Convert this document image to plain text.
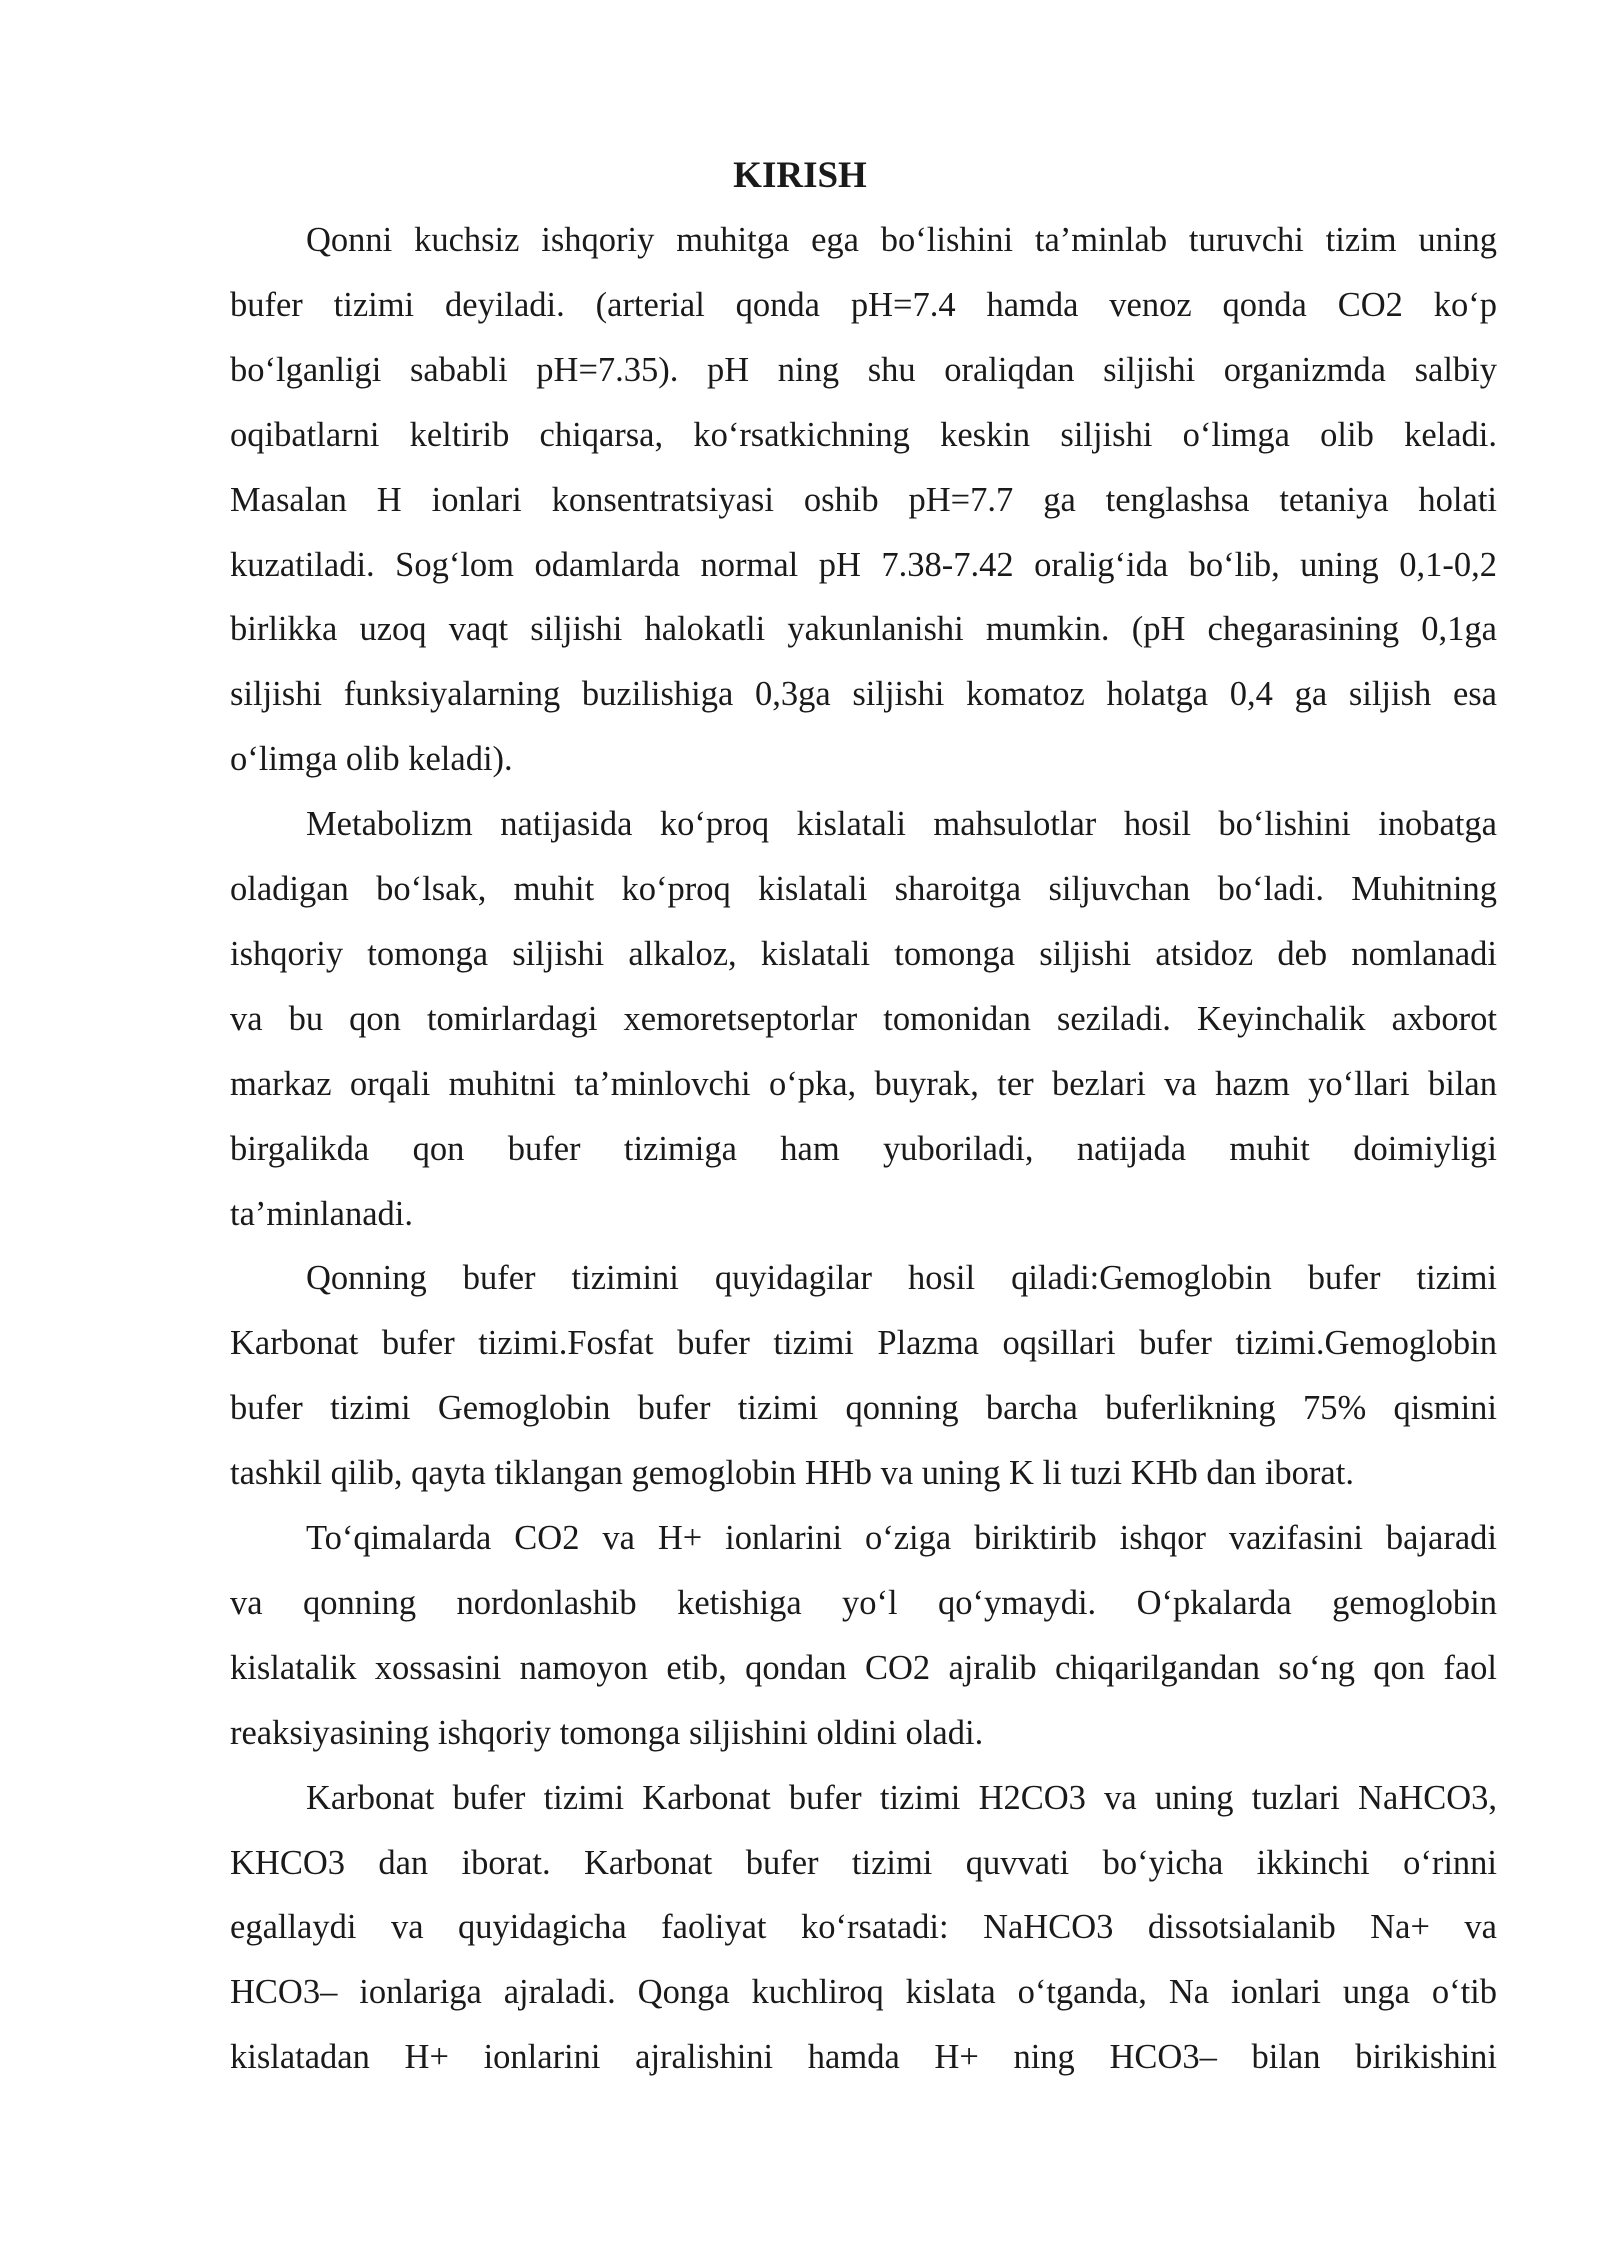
KIRISH
Qonni kuchsiz ishqoriy muhitga ega bo‘lishini ta’minlab turuvchi tizim uning
bufer tizimi deyiladi. (arterial qonda pH=7.4 hamda venoz qonda CO2 ko‘p
bo‘lganligi sababli pH=7.35). pH ning shu oraliqdan siljishi organizmda salbiy
oqibatlarni keltirib chiqarsa, ko‘rsatkichning keskin siljishi o‘limga olib keladi.
Masalan H ionlari konsentratsiyasi oshib pH=7.7 ga tenglashsa tetaniya holati
kuzatiladi. Sog‘lom odamlarda normal pH 7.38-7.42 oralig‘ida bo‘lib, uning 0,1-0,2
birlikka uzoq vaqt siljishi halokatli yakunlanishi mumkin. (pH chegarasining 0,1ga
siljishi funksiyalarning buzilishiga 0,3ga siljishi komatoz holatga 0,4 ga siljish esa
o‘limga olib keladi).
Metabolizm natijasida ko‘proq kislatali mahsulotlar hosil bo‘lishini inobatga
oladigan bo‘lsak, muhit ko‘proq kislatali sharoitga siljuvchan bo‘ladi. Muhitning
ishqoriy tomonga siljishi alkaloz, kislatali tomonga siljishi atsidoz deb nomlanadi
va bu qon tomirlardagi xemoretseptorlar tomonidan seziladi. Keyinchalik axborot
markaz orqali muhitni ta’minlovchi o‘pka, buyrak, ter bezlari va hazm yo‘llari bilan
birgalikda qon bufer tizimiga ham yuboriladi, natijada muhit doimiyligi
ta’minlanadi.
Qonning bufer tizimini quyidagilar hosil qiladi:Gemoglobin bufer tizimi
Karbonat bufer tizimi.Fosfat bufer tizimi Plazma oqsillari bufer tizimi.Gemoglobin
bufer tizimi Gemoglobin bufer tizimi qonning barcha buferlikning 75% qismini
tashkil qilib, qayta tiklangan gemoglobin HHb va uning K li tuzi KHb dan iborat.
To‘qimalarda CO2 va H+ ionlarini o‘ziga biriktirib ishqor vazifasini bajaradi
va qonning nordonlashib ketishiga yo‘l qo‘ymaydi. O‘pkalarda gemoglobin
kislatalik xossasini namoyon etib, qondan CO2 ajralib chiqarilgandan so‘ng qon faol
reaksiyasining ishqoriy tomonga siljishini oldini oladi.
Karbonat bufer tizimi Karbonat bufer tizimi H2CO3 va uning tuzlari NaHCO3,
KHCO3 dan iborat. Karbonat bufer tizimi quvvati bo‘yicha ikkinchi o‘rinni
egallaydi va quyidagicha faoliyat ko‘rsatadi: NaHCO3 dissotsialanib Na+ va
HCO3– ionlariga ajraladi. Qonga kuchliroq kislata o‘tganda, Na ionlari unga o‘tib
kislatadan H+ ionlarini ajralishini hamda H+ ning HCO3– bilan birikishini
